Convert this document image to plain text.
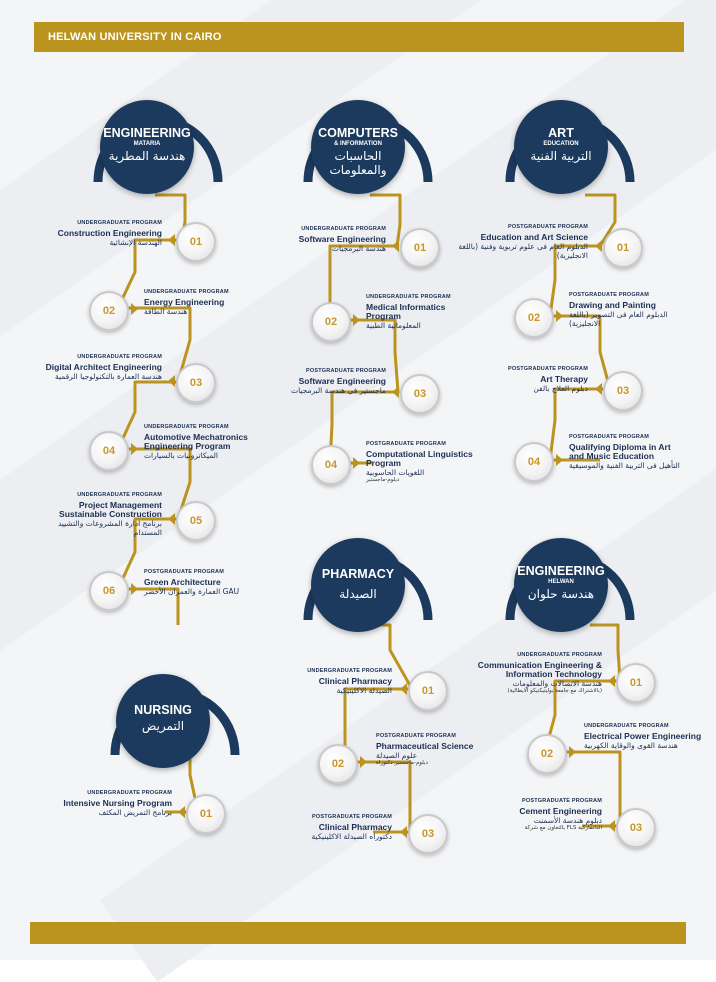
HELWAN UNIVERSITY IN CAIRO
ENGINEERING
MATARIA
هندسة المطرية
COMPUTERS
& INFORMATION
الحاسبات والمعلومات
ART
EDUCATION
التربية الفنية
PHARMACY
الصيدلة
ENGINEERING
HELWAN
هندسة حلوان
NURSING
التمريض
01
UNDERGRADUATE PROGRAM
Construction Engineering
الهندسة الإنشائية
02
UNDERGRADUATE PROGRAM
Energy Engineering
هندسة الطاقة
03
UNDERGRADUATE PROGRAM
Digital Architect Engineering
هندسة العمارة بالتكنولوجيا الرقمية
04
UNDERGRADUATE PROGRAM
Automotive Mechatronics Engineering Program
الميكاترونيات بالسيارات
05
UNDERGRADUATE PROGRAM
Project Management Sustainable Construction
برنامج ادارة المشروعات والتشييد المستدام
06
POSTGRADUATE PROGRAM
Green Architecture
العمارة والعمران الأخضر GAU
01
UNDERGRADUATE PROGRAM
Software Engineering
هندسة البرمجيات
02
UNDERGRADUATE PROGRAM
Medical Informatics Program
المعلوماتية الطبية
03
POSTGRADUATE PROGRAM
Software Engineering
ماجستير فى هندسة البرمجيات
04
POSTGRADUATE PROGRAM
Computational Linguistics Program
اللغويات الحاسوبية
دبلوم-ماجستير
01
POSTGRADUATE PROGRAM
Education and Art Science
الدبلوم العام فى علوم تربوية وفنية (باللغة الانجليزية)
02
POSTGRADUATE PROGRAM
Drawing and Painting
الدبلوم العام فى التصوير (باللغة الانجليزية)
03
POSTGRADUATE PROGRAM
Art Therapy
دبلوم العلاج بالفن
04
POSTGRADUATE PROGRAM
Qualifying Diploma in Art and Music Education
التأهيل فى التربية الفنية والموسيقية
01
UNDERGRADUATE PROGRAM
Clinical Pharmacy
الصيدلة الاكلينيكية
02
POSTGRADUATE PROGRAM
Pharmaceutical Science
علوم الصيدلة
دبلوم-ماجستير-دكتوراة
03
POSTGRADUATE PROGRAM
Clinical Pharmacy
دكتوراه الصيدلة الاكلينيكية
01
UNDERGRADUATE PROGRAM
Communication Engineering & Information Technology
هندسة الاتصالات والمعلومات
(بالاشتراك مع جامعة بوليتيكنيكو الايطالية)
02
UNDERGRADUATE PROGRAM
Electrical Power Engineering
هندسة القوى والوقاية الكهربية
03
POSTGRADUATE PROGRAM
Cement Engineering
دبلوم هندسة الأسمنت
بالتعاون مع شركة FLS الدانماركية
01
UNDERGRADUATE PROGRAM
Intensive Nursing Program
برنامج التمريض المكثف
